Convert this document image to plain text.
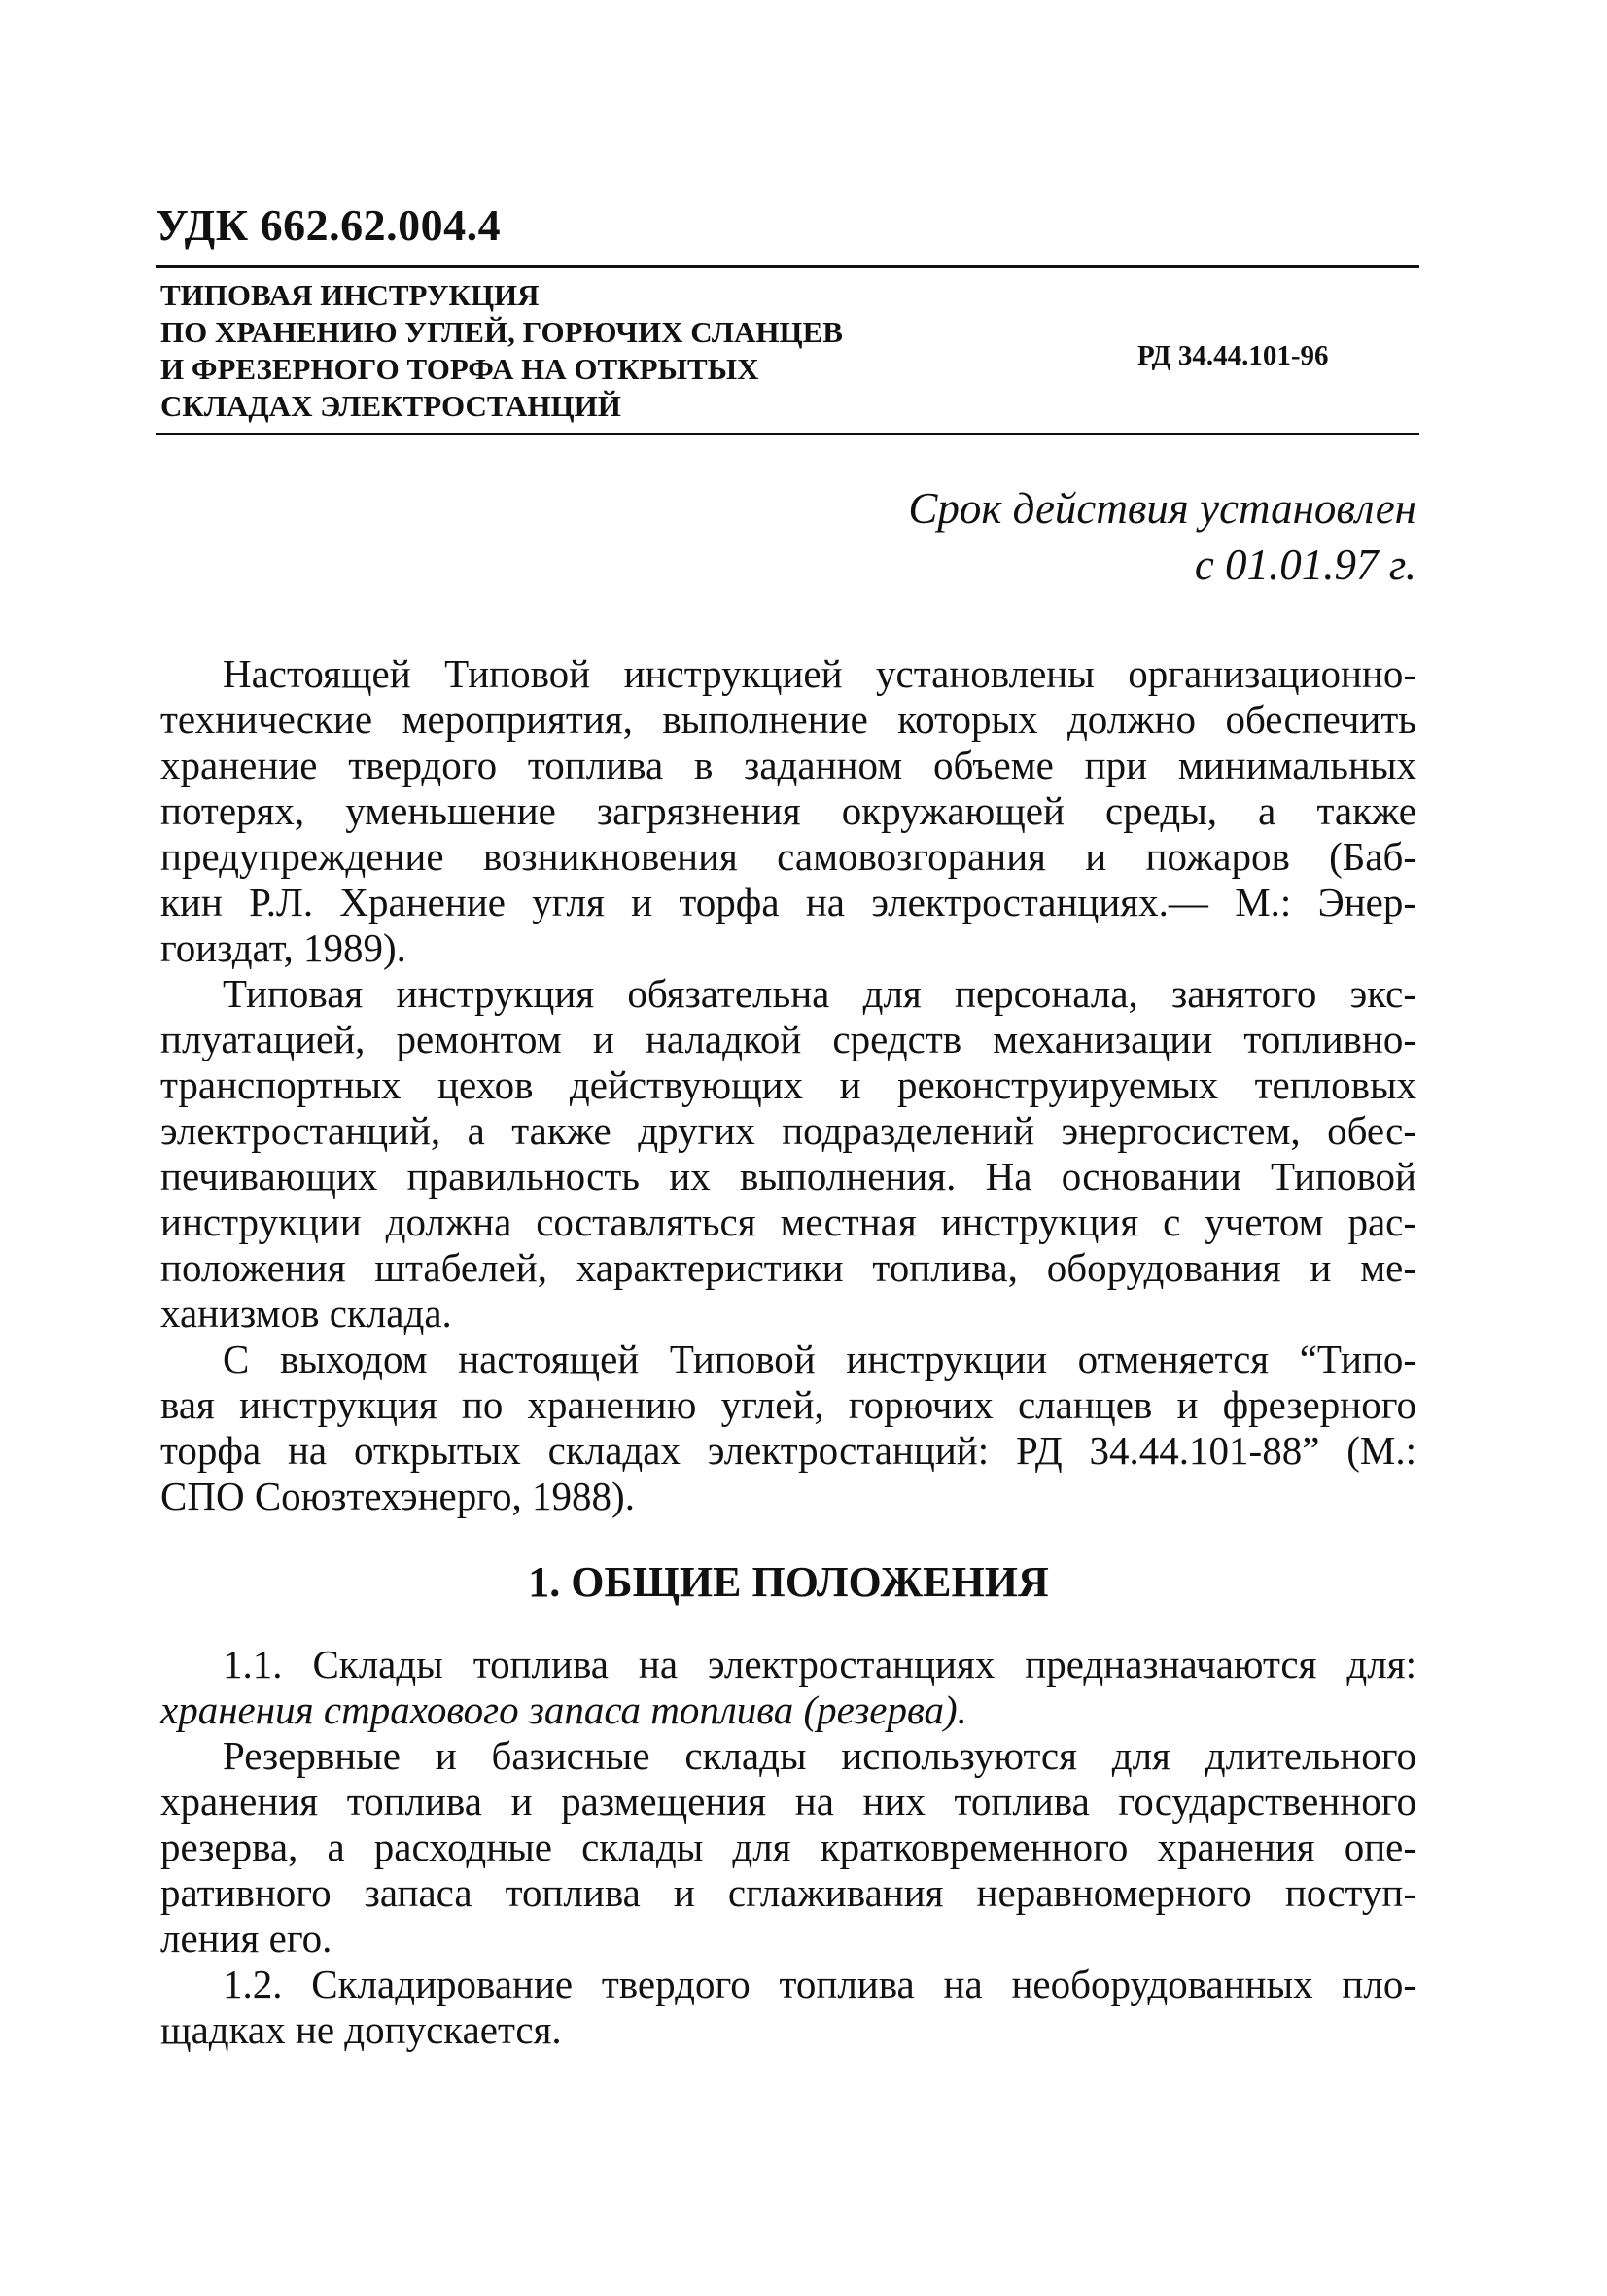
УДК 662.62.004.4
ТИПОВАЯ ИНСТРУКЦИЯ
ПО ХРАНЕНИЮ УГЛЕЙ, ГОРЮЧИХ СЛАНЦЕВ
И ФРЕЗЕРНОГО ТОРФА НА ОТКРЫТЫХ
СКЛАДАХ ЭЛЕКТРОСТАНЦИЙ
РД 34.44.101-96
Срок действия установлен
с 01.01.97 г.
Настоящей Типовой инструкцией установлены организационно-
технические мероприятия, выполнение которых должно обеспечить
хранение твердого топлива в заданном объеме при минимальных
потерях, уменьшение загрязнения окружающей среды, а также
предупреждение возникновения самовозгорания и пожаров (Баб-
кин Р.Л. Хранение угля и торфа на электростанциях.— М.: Энер-
гоиздат, 1989).
Типовая инструкция обязательна для персонала, занятого экс-
плуатацией, ремонтом и наладкой средств механизации топливно-
транспортных цехов действующих и реконструируемых тепловых
электростанций, а также других подразделений энергосистем, обес-
печивающих правильность их выполнения. На основании Типовой
инструкции должна составляться местная инструкция с учетом рас-
положения штабелей, характеристики топлива, оборудования и ме-
ханизмов склада.
С выходом настоящей Типовой инструкции отменяется “Типо-
вая инструкция по хранению углей, горючих сланцев и фрезерного
торфа на открытых складах электростанций: РД 34.44.101-88” (М.:
СПО Союзтехэнерго, 1988).
1. ОБЩИЕ ПОЛОЖЕНИЯ
1.1. Склады топлива на электростанциях предназначаются для:
хранения страхового запаса топлива (резерва).
Резервные и базисные склады используются для длительного
хранения топлива и размещения на них топлива государственного
резерва, а расходные склады для кратковременного хранения опе-
ративного запаса топлива и сглаживания неравномерного поступ-
ления его.
1.2. Складирование твердого топлива на необорудованных пло-
щадках не допускается.
